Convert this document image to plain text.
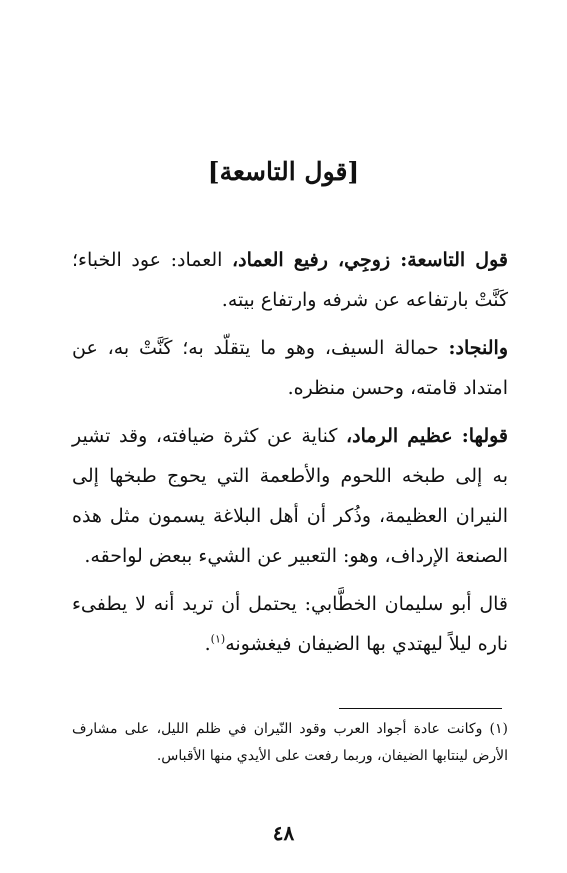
[قول التاسعة]

قول التاسعة: زوجِي، رفيع العماد، العماد: عود الخباء؛ كَنَّتْ بارتفاعه عن شرفه وارتفاع بيته.

والنجاد: حمالة السيف، وهو ما يتقلّد به؛ كَنَّتْ به، عن امتداد قامته، وحسن منظره.

قولها: عظيم الرماد، كناية عن كثرة ضيافته، وقد تشير به إلى طبخه اللحوم والأطعمة التي يحوج طبخها إلى النيران العظيمة، وذُكر أن أهل البلاغة يسمون مثل هذه الصنعة الإرداف، وهو: التعبير عن الشيء ببعض لواحقه.

قال أبو سليمان الخطَّابي: يحتمل أن تريد أنه لا يطفىء ناره ليلاً ليهتدي بها الضيفان فيغشونه$^{(١)}$.

(١) وكانت عادة أجواد العرب وقود النّيران في ظلم الليل، على مشارف الأرض لينتابها الضيفان، وربما رفعت على الأيدي منها الأقباس.
٤٨
